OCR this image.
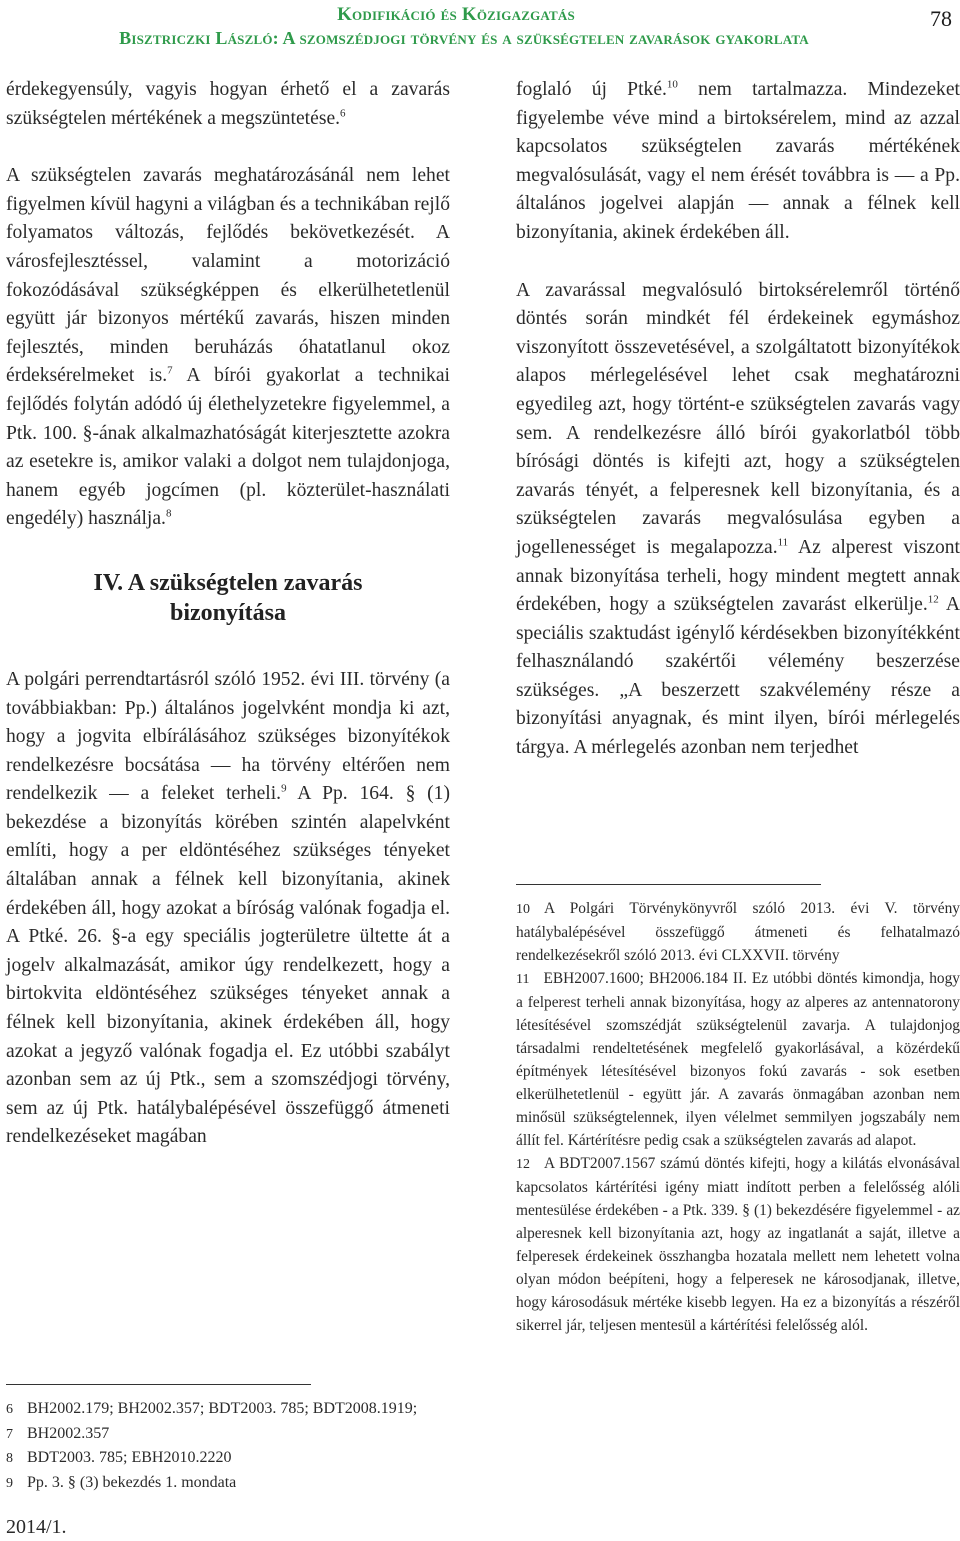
Kodifikáció és Közigazgatás
Bisztriczki László: A szomszédjogi törvény és a szükségtelen zavarások gyakorlata
78

érdekegyensúly, vagyis hogyan érhető el a zavarás szükségtelen mértékének a megszüntetése.$^6$

A szükségtelen zavarás meghatározásánál nem lehet figyelmen kívül hagyni a világban és a technikában rejlő folyamatos változás, fejlődés bekövetkezését. A városfejlesztéssel, valamint a motorizáció fokozódásával szükségképpen és elkerülhetetlenül együtt jár bizonyos mértékű zavarás, hiszen minden fejlesztés, minden beruházás óhatatlanul okoz érdeksérelmeket is.$^7$ A bírói gyakorlat a technikai fejlődés folytán adódó új élethelyzetekre figyelemmel, a Ptk. 100. §-ának alkalmazhatóságát kiterjesztette azokra az esetekre is, amikor valaki a dolgot nem tulajdonjoga, hanem egyéb jogcímen (pl. közterület-használati engedély) használja.$^8$

IV. A szükségtelen zavarás
bizonyítása

A polgári perrendtartásról szóló 1952. évi III. törvény (a továbbiakban: Pp.) általános jogelvként mondja ki azt, hogy a jogvita elbírálásához szükséges bizonyítékok rendelkezésre bocsátása — ha törvény eltérően nem rendelkezik — a feleket terheli.$^9$ A Pp. 164. § (1) bekezdése a bizonyítás körében szintén alapelvként említi, hogy a per eldöntéséhez szükséges tényeket általában annak a félnek kell bizonyítania, akinek érdekében áll, hogy azokat a bíróság valónak fogadja el. A Ptké. 26. §-a egy speciális jogterületre ültette át a jogelv alkalmazását, amikor úgy rendelkezett, hogy a birtokvita eldöntéséhez szükséges tényeket annak a félnek kell bizonyítania, akinek érdekében áll, hogy azokat a jegyző valónak fogadja el. Ez utóbbi szabályt azonban sem az új Ptk., sem a szomszédjogi törvény, sem az új Ptk. hatálybalépésével összefüggő átmeneti rendelkezéseket magában

foglaló új Ptké.$^{10}$ nem tartalmazza. Mindezeket figyelembe véve mind a birtoksérelem, mind az azzal kapcsolatos szükségtelen zavarás mértékének megvalósulását, vagy el nem érését továbbra is — a Pp. általános jogelvei alapján — annak a félnek kell bizonyítania, akinek érdekében áll.

A zavarással megvalósuló birtoksérelemről történő döntés során mindkét fél érdekeinek egymáshoz viszonyított összevetésével, a szolgáltatott bizonyítékok alapos mérlegelésével lehet csak meghatározni egyedileg azt, hogy történt-e szükségtelen zavarás vagy sem. A rendelkezésre álló bírói gyakorlatból több bírósági döntés is kifejti azt, hogy a szükségtelen zavarás tényét, a felperesnek kell bizonyítania, és a szükségtelen zavarás megvalósulása egyben a jogellenességet is megalapozza.$^{11}$ Az alperest viszont annak bizonyítása terheli, hogy mindent megtett annak érdekében, hogy a szükségtelen zavarást elkerülje.$^{12}$ A speciális szaktudást igénylő kérdésekben bizonyítékként felhasználandó szakértői vélemény beszerzése szükséges. „A beszerzett szakvélemény része a bizonyítási anyagnak, és mint ilyen, bírói mérlegelés tárgya. A mérlegelés azonban nem terjedhet

6 BH2002.179; BH2002.357; BDT2003. 785; BDT2008.1919;

7 BH2002.357

8 BDT2003. 785; EBH2010.2220

9 Pp. 3. § (3) bekezdés 1. mondata

10 A Polgári Törvénykönyvről szóló 2013. évi V. törvény hatálybalépésével összefüggő átmeneti és felhatalmazó rendelkezésekről szóló 2013. évi CLXXVII. törvény

11 EBH2007.1600; BH2006.184 II. Ez utóbbi döntés kimondja, hogy a felperest terheli annak bizonyítása, hogy az alperes az antennatorony létesítésével szomszédját szükségtelenül zavarja. A tulajdonjog társadalmi rendeltetésének megfelelő gyakorlásával, a közérdekű építmények létesítésével bizonyos fokú zavarás - sok esetben elkerülhetetlenül - együtt jár. A zavarás önmagában azonban nem minősül szükségtelennek, ilyen vélelmet semmilyen jogszabály nem állít fel. Kártérítésre pedig csak a szükségtelen zavarás ad alapot.

12 A BDT2007.1567 számú döntés kifejti, hogy a kilátás elvonásával kapcsolatos kártérítési igény miatt indított perben a felelősség alóli mentesülése érdekében - a Ptk. 339. § (1) bekezdésére figyelemmel - az alperesnek kell bizonyítania azt, hogy az ingatlanát a saját, illetve a felperesek érdekeinek összhangba hozatala mellett nem lehetett volna olyan módon beépíteni, hogy a felperesek ne károsodjanak, illetve, hogy károsodásuk mértéke kisebb legyen. Ha ez a bizonyítás a részéről sikerrel jár, teljesen mentesül a kártérítési felelősség alól.

2014/1.
